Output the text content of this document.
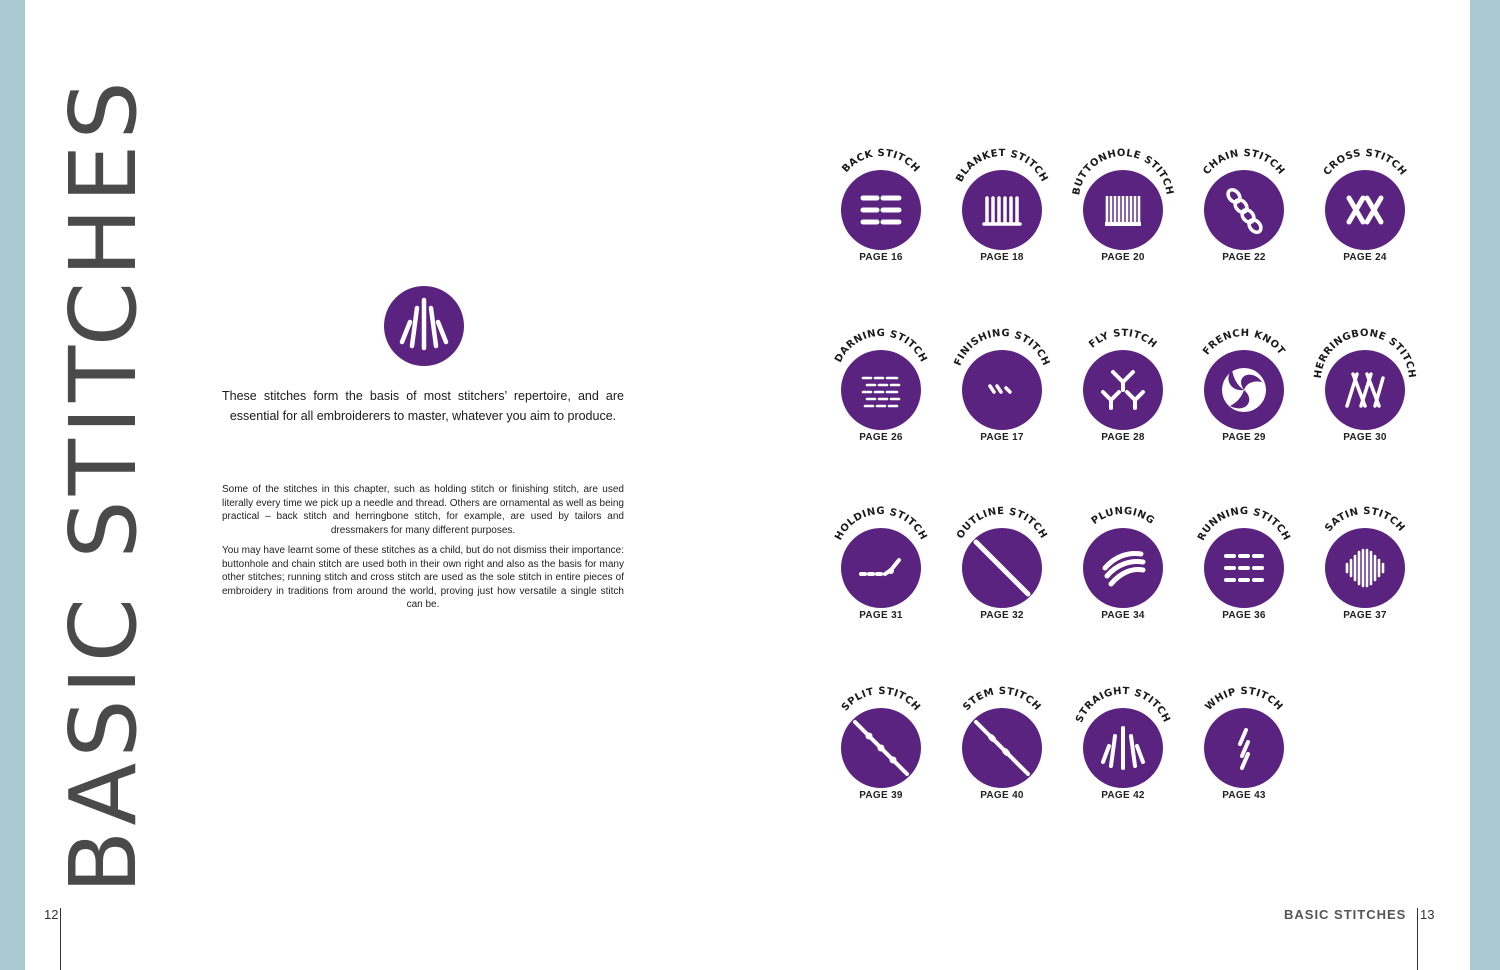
BASIC STITCHES
12	BASIC STITCHES 13

These stitches form the basis of most stitchers’ repertoire, and are essential for all embroiderers to master, whatever you aim to produce.

Some of the stitches in this chapter, such as holding stitch or finishing stitch, are used literally every time we pick up a needle and thread. Others are ornamental as well as being practical – back stitch and herringbone stitch, for example, are used by tailors and dressmakers for many different purposes.

You may have learnt some of these stitches as a child, but do not dismiss their importance: buttonhole and chain stitch are used both in their own right and also as the basis for many other stitches; running stitch and cross stitch are used as the sole stitch in entire pieces of embroidery in traditions from around the world, proving just how versatile a single stitch can be.

BACK STITCH
PAGE 16
BLANKET STITCH
PAGE 18
BUTTONHOLE STITCH
PAGE 20
CHAIN STITCH
PAGE 22
CROSS STITCH
PAGE 24
DARNING STITCH
PAGE 26
FINISHING STITCH
PAGE 17
FLY STITCH
PAGE 28
FRENCH KNOT
PAGE 29
HERRINGBONE STITCH
PAGE 30
HOLDING STITCH
PAGE 31
OUTLINE STITCH
PAGE 32
PLUNGING
PAGE 34
RUNNING STITCH
PAGE 36
SATIN STITCH
PAGE 37
SPLIT STITCH
PAGE 39
STEM STITCH
PAGE 40
STRAIGHT STITCH
PAGE 42
WHIP STITCH
PAGE 43
